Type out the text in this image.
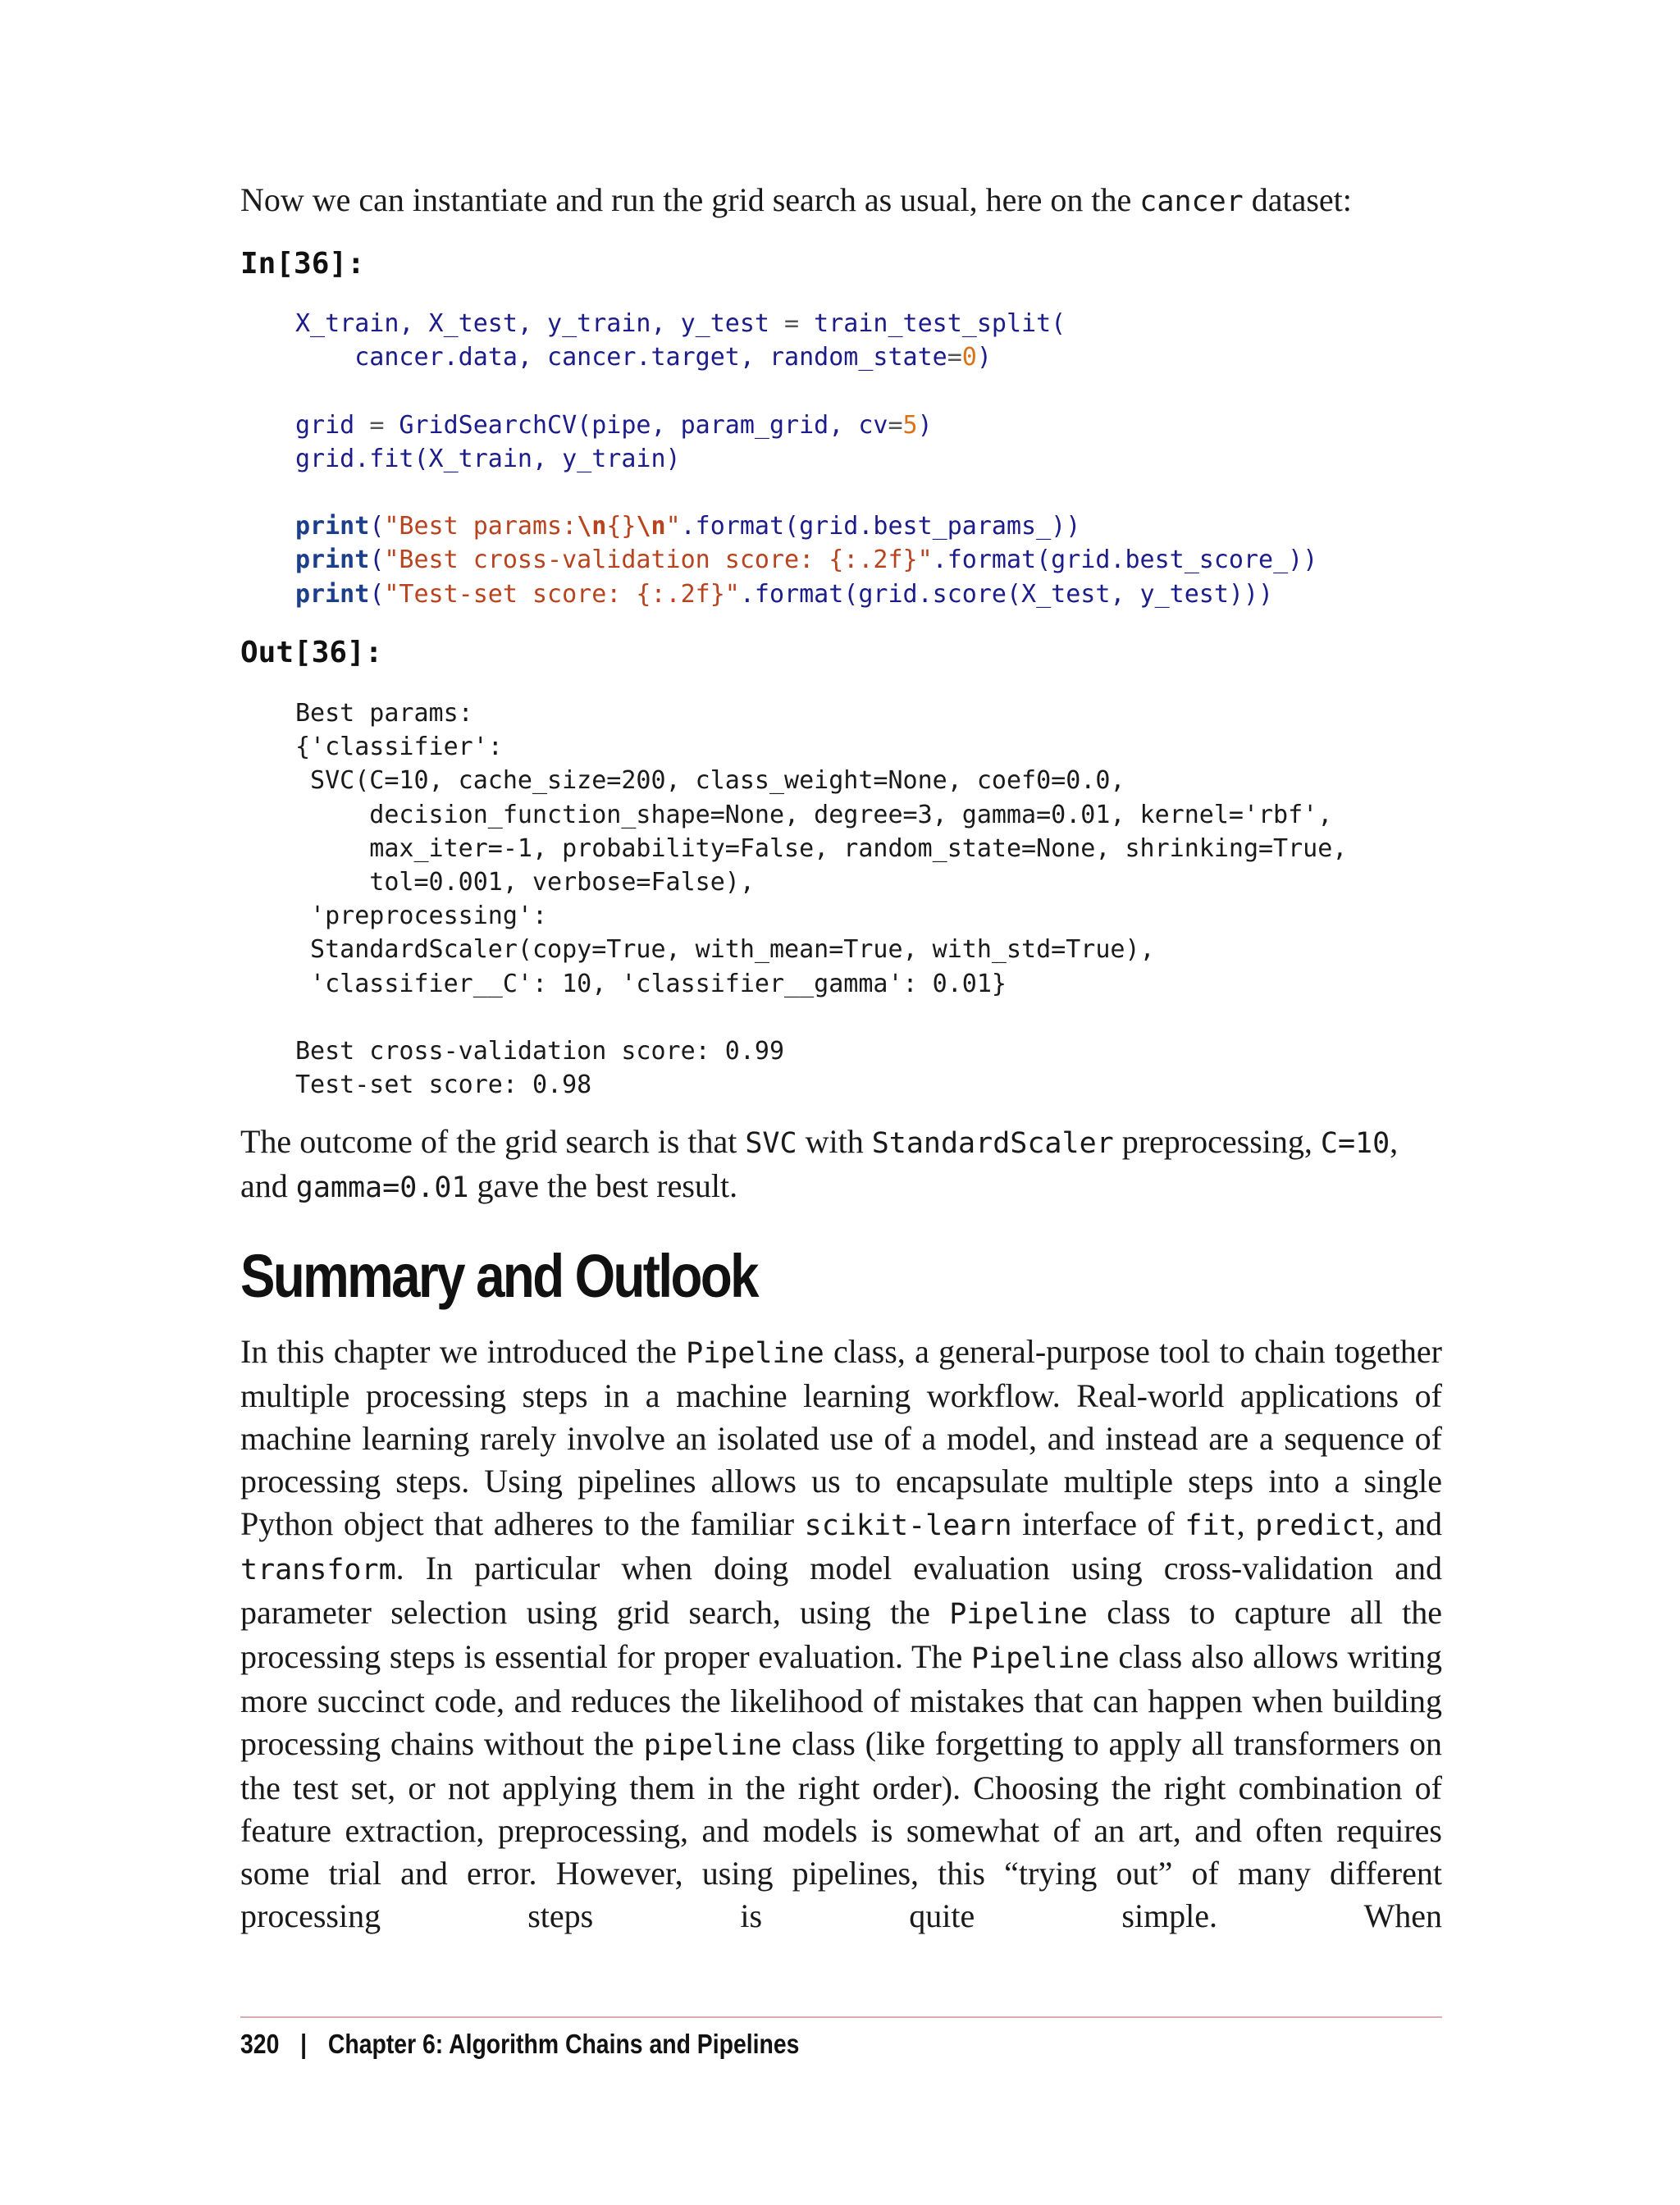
Now we can instantiate and run the grid search as usual, here on the cancer dataset:

In[36]:
X_train, X_test, y_train, y_test = train_test_split(
cancer.data, cancer.target, random_state=0)

grid = GridSearchCV(pipe, param_grid, cv=5)
grid.fit(X_train, y_train)

print("Best params:\n{}\n".format(grid.best_params_))
print("Best cross-validation score: {:.2f}".format(grid.best_score_))
print("Test-set score: {:.2f}".format(grid.score(X_test, y_test)))
Out[36]:
Best params:
{'classifier':
SVC(C=10, cache_size=200, class_weight=None, coef0=0.0,
decision_function_shape=None, degree=3, gamma=0.01, kernel='rbf',
max_iter=-1, probability=False, random_state=None, shrinking=True,
tol=0.001, verbose=False),
'preprocessing':
StandardScaler(copy=True, with_mean=True, with_std=True),
'classifier__C': 10, 'classifier__gamma': 0.01}

Best cross-validation score: 0.99
Test-set score: 0.98

The outcome of the grid search is that SVC with StandardScaler preprocessing, C=10,
and gamma=0.01 gave the best result.

Summary and Outlook

In this chapter we introduced the Pipeline class, a general-purpose tool to chain together multiple processing steps in a machine learning workflow. Real-world applications of machine learning rarely involve an isolated use of a model, and instead are a sequence of processing steps. Using pipelines allows us to encapsulate multiple steps into a single Python object that adheres to the familiar scikit-learn interface of fit, predict, and transform. In particular when doing model evaluation using cross-validation and parameter selection using grid search, using the Pipeline class to capture all the processing steps is essential for proper evaluation. The Pipeline class also allows writing more succinct code, and reduces the likelihood of mistakes that can happen when building processing chains without the pipeline class (like forgetting to apply all transformers on the test set, or not applying them in the right order). Choosing the right combination of feature extraction, preprocessing, and models is somewhat of an art, and often requires some trial and error. However, using pipelines, this “trying out” of many different processing steps is quite simple. When

320 | Chapter 6: Algorithm Chains and Pipelines
